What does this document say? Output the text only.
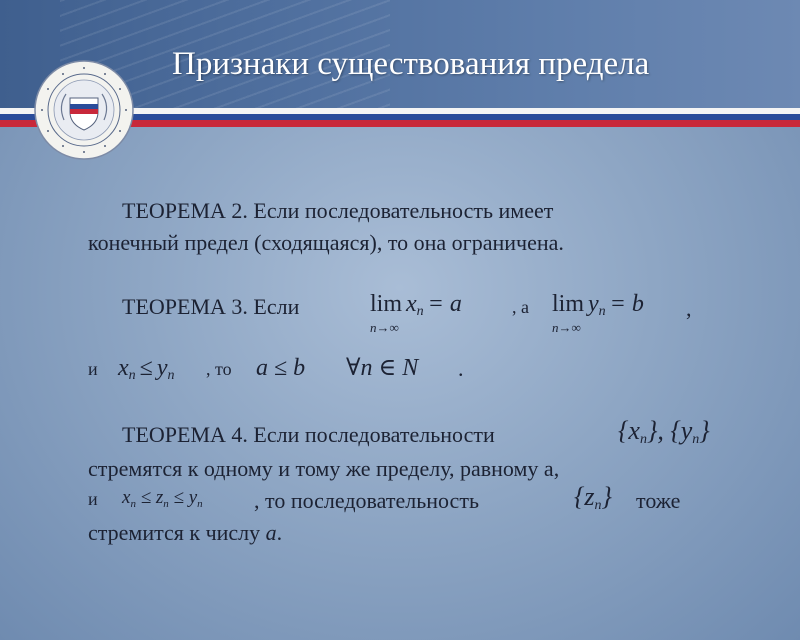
Признаки существования предела
ТЕОРЕМА 2. Если последовательность имеет
конечный предел (сходящаяся), то она ограничена.
ТЕОРЕМА 3. Если	lim xn = a
n→∞
, а lim yn = b
n→∞
,
и xn ≤ yn , то a ≤ b ∀n ∈ N .
ТЕОРЕМА 4. Если последовательности	$\{x_n\}$, $\{y_n\}$
стремятся к одному и тому же пределу, равному а,
и $x_n \le z_n \le y_n$ , то последовательность	$\{z_n\}$ тоже
стремится к числу а.
